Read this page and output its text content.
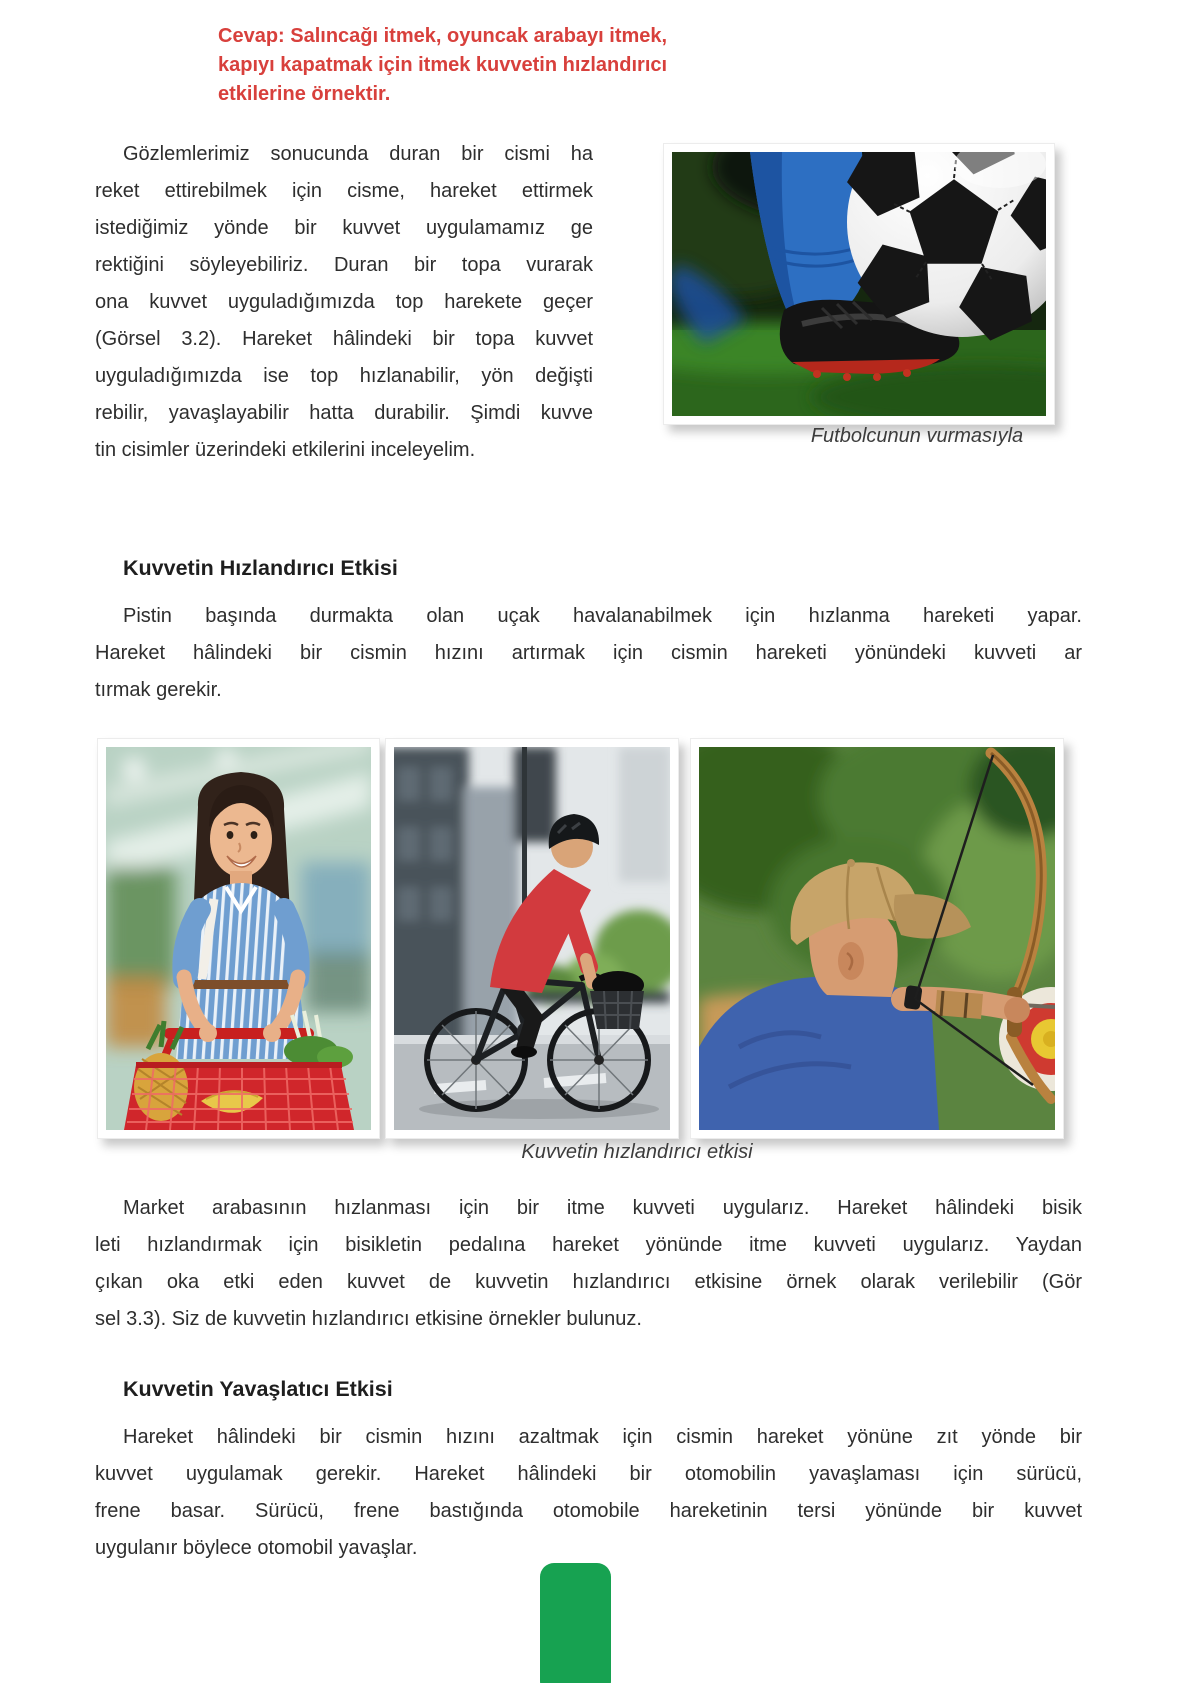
Cevap: Salıncağı itmek, oyuncak arabayı itmek,
kapıyı kapatmak için itmek kuvvetin hızlandırıcı
etkilerine örnektir.
Gözlemlerimiz sonucunda duran bir cismi ha
reket ettirebilmek için cisme, hareket ettirmek
istediğimiz yönde bir kuvvet uygulamamız ge
rektiğini söyleyebiliriz. Duran bir topa vurarak
ona kuvvet uyguladığımızda top harekete geçer
(Görsel 3.2). Hareket hâlindeki bir topa kuvvet
uyguladığımızda ise top hızlanabilir, yön değişti
rebilir, yavaşlayabilir hatta durabilir. Şimdi kuvve
tin cisimler üzerindeki etkilerini inceleyelim.
Futbolcunun vurmasıyla
Kuvvetin Hızlandırıcı Etkisi
Pistin başında durmakta olan uçak havalanabilmek için hızlanma hareketi yapar.
Hareket hâlindeki bir cismin hızını artırmak için cismin hareketi yönündeki kuvveti ar
tırmak gerekir.
Kuvvetin hızlandırıcı etkisi
Market arabasının hızlanması için bir itme kuvveti uygularız. Hareket hâlindeki bisik
leti hızlandırmak için bisikletin pedalına hareket yönünde itme kuvveti uygularız. Yaydan
çıkan oka etki eden kuvvet de kuvvetin hızlandırıcı etkisine örnek olarak verilebilir (Gör
sel 3.3). Siz de kuvvetin hızlandırıcı etkisine örnekler bulunuz.
Kuvvetin Yavaşlatıcı Etkisi
Hareket hâlindeki bir cismin hızını azaltmak için cismin hareket yönüne zıt yönde bir
kuvvet uygulamak gerekir. Hareket hâlindeki bir otomobilin yavaşlaması için sürücü,
frene basar. Sürücü, frene bastığında otomobile hareketinin tersi yönünde bir kuvvet
uygulanır böylece otomobil yavaşlar.
